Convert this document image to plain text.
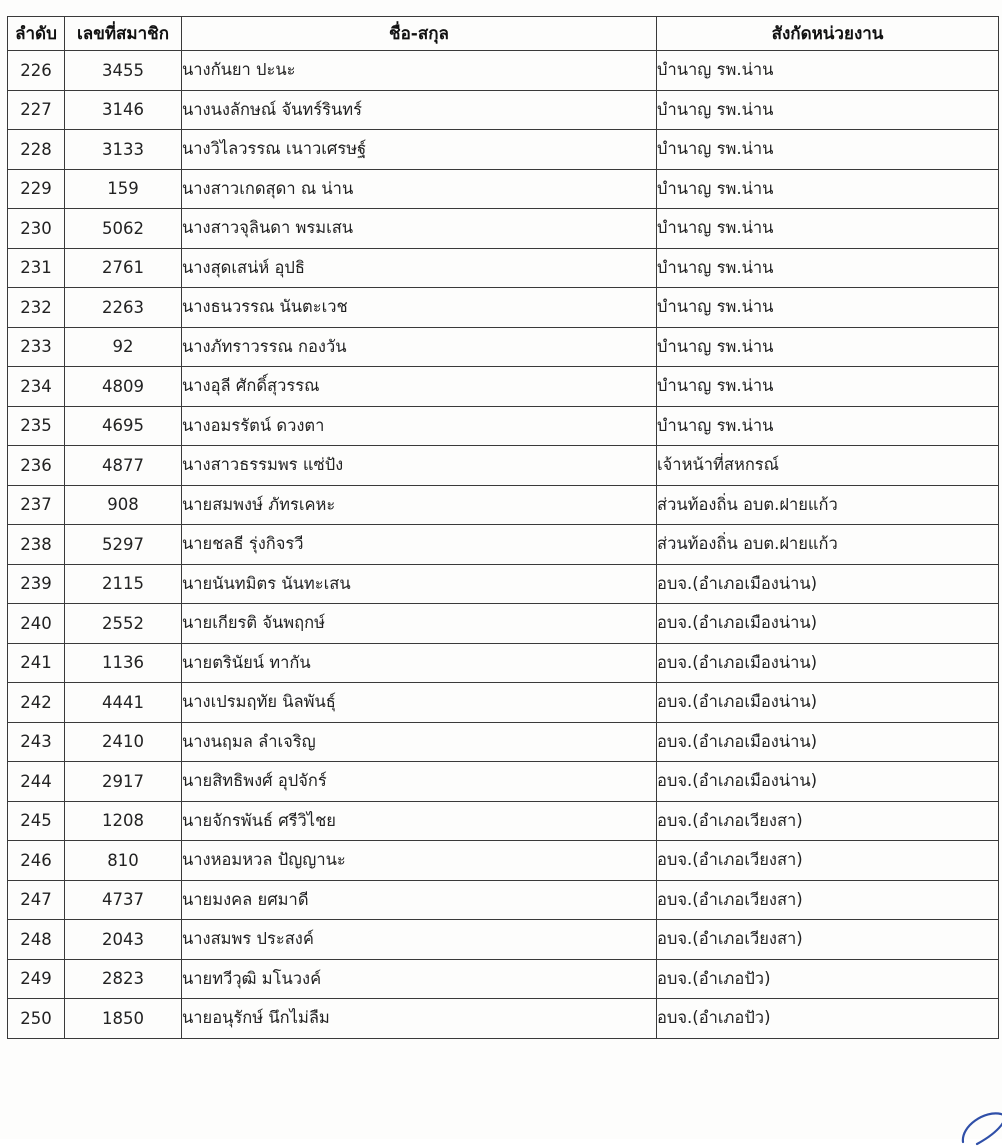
ลำดับ	เลขที่สมาชิก	ชื่อ-สกุล	สังกัดหน่วยงาน
226	3455	นางกันยา ปะนะ	บำนาญ รพ.น่าน
227	3146	นางนงลักษณ์ จันทร์รินทร์	บำนาญ รพ.น่าน
228	3133	นางวิไลวรรณ เนาวเศรษฐ์	บำนาญ รพ.น่าน
229	159	นางสาวเกดสุดา ณ น่าน	บำนาญ รพ.น่าน
230	5062	นางสาวจุลินดา พรมเสน	บำนาญ รพ.น่าน
231	2761	นางสุดเสน่ห์ อุปธิ	บำนาญ รพ.น่าน
232	2263	นางธนวรรณ นันตะเวช	บำนาญ รพ.น่าน
233	92	นางภัทราวรรณ กองวัน	บำนาญ รพ.น่าน
234	4809	นางอุลี ศักดิ์สุวรรณ	บำนาญ รพ.น่าน
235	4695	นางอมรรัตน์ ดวงตา	บำนาญ รพ.น่าน
236	4877	นางสาวธรรมพร แซ่ปัง	เจ้าหน้าที่สหกรณ์
237	908	นายสมพงษ์ ภัทรเคหะ	ส่วนท้องถิ่น อบต.ฝายแก้ว
238	5297	นายชลธี รุ่งกิจรวี	ส่วนท้องถิ่น อบต.ฝายแก้ว
239	2115	นายนันทมิตร นันทะเสน	อบจ.(อำเภอเมืองน่าน)
240	2552	นายเกียรติ จันพฤกษ์	อบจ.(อำเภอเมืองน่าน)
241	1136	นายตรินัยน์ ทากัน	อบจ.(อำเภอเมืองน่าน)
242	4441	นางเปรมฤทัย นิลพันธุ์	อบจ.(อำเภอเมืองน่าน)
243	2410	นางนฤมล ลำเจริญ	อบจ.(อำเภอเมืองน่าน)
244	2917	นายสิทธิพงศ์ อุปจักร์	อบจ.(อำเภอเมืองน่าน)
245	1208	นายจักรพันธ์ ศรีวิไชย	อบจ.(อำเภอเวียงสา)
246	810	นางหอมหวล ปัญญานะ	อบจ.(อำเภอเวียงสา)
247	4737	นายมงคล ยศมาดี	อบจ.(อำเภอเวียงสา)
248	2043	นางสมพร ประสงค์	อบจ.(อำเภอเวียงสา)
249	2823	นายทวีวุฒิ มโนวงค์	อบจ.(อำเภอปัว)
250	1850	นายอนุรักษ์ นึกไม่ลืม	อบจ.(อำเภอปัว)
